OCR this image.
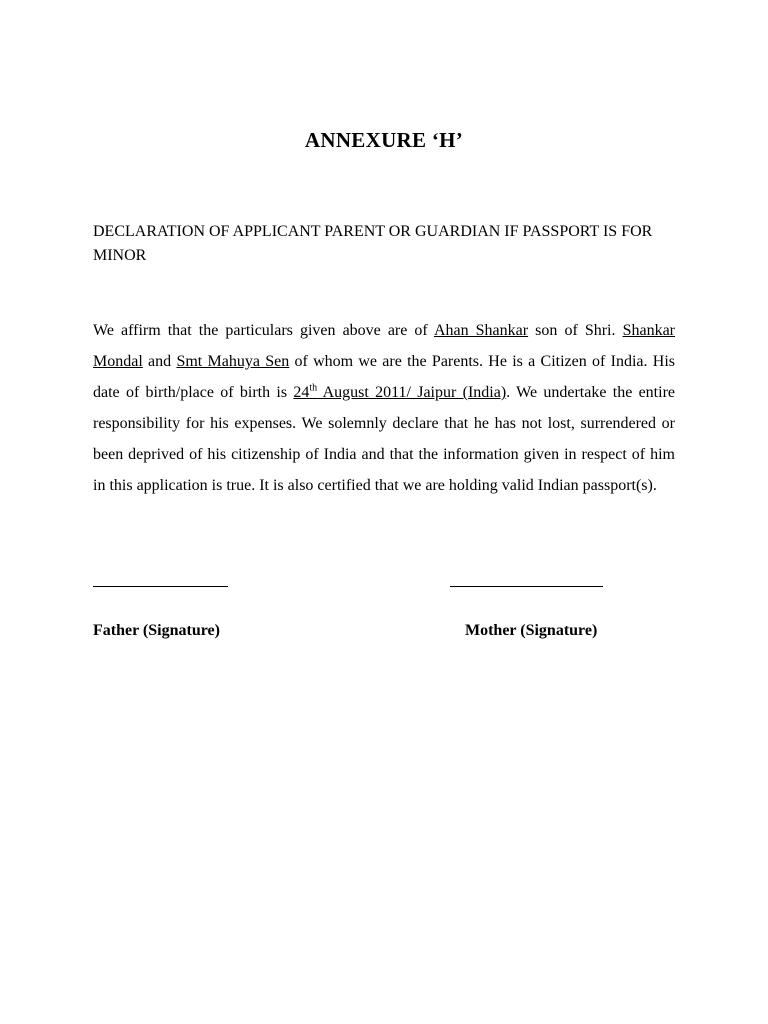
ANNEXURE ‘H’

DECLARATION OF APPLICANT PARENT OR GUARDIAN IF PASSPORT IS FOR MINOR

We affirm that the particulars given above are of Ahan Shankar son of Shri. Shankar Mondal and Smt Mahuya Sen of whom we are the Parents. He is a Citizen of India. His date of birth/place of birth is 24th August 2011/ Jaipur (India). We undertake the entire responsibility for his expenses. We solemnly declare that he has not lost, surrendered or been deprived of his citizenship of India and that the information given in respect of him in this application is true. It is also certified that we are holding valid Indian passport(s).

Father (Signature)	Mother (Signature)
